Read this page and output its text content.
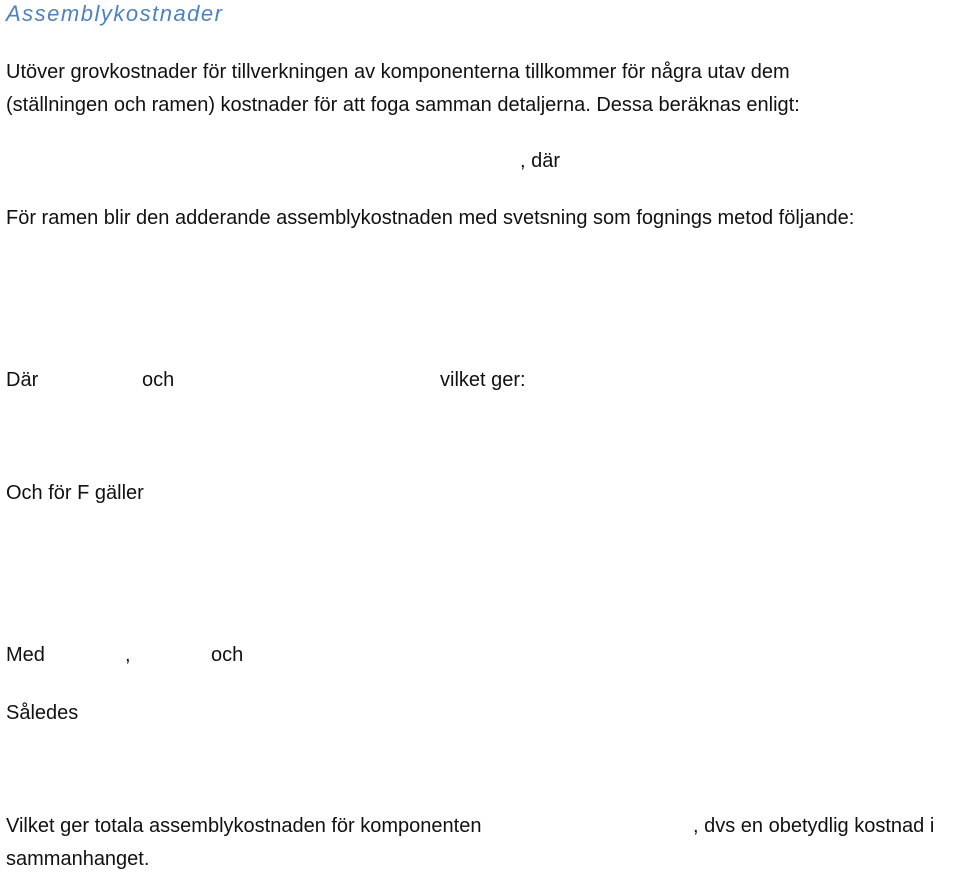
Assemblykostnader

Utöver grovkostnader för tillverkningen av komponenterna tillkommer för några utav dem

(ställningen och ramen) kostnader för att foga samman detaljerna. Dessa beräknas enligt:

, där

För ramen blir den adderande assemblykostnaden med svetsning som fognings metod följande:

Där	och	vilket ger:

Och för F gäller

Med	,	och

Således

Vilket ger totala assemblykostnaden för komponenten	, dvs en obetydlig kostnad i

sammanhanget.
